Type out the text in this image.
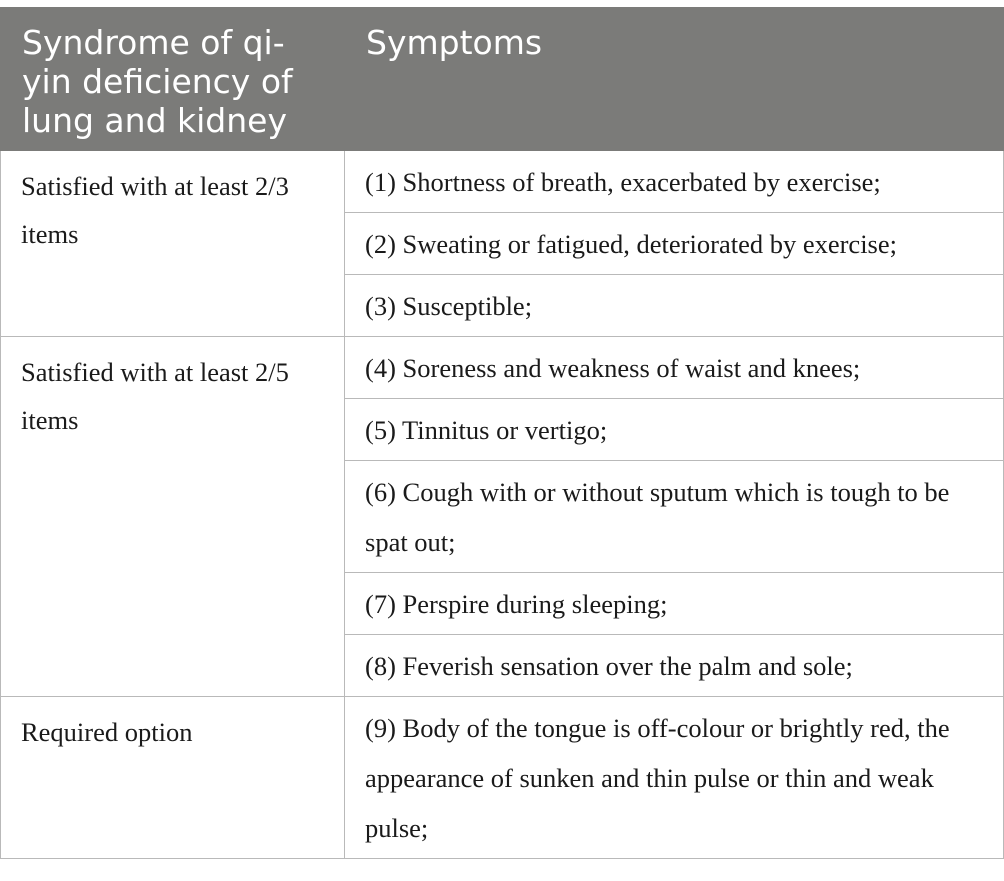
Syndrome of qi-yin deficiency of lung and kidney	Symptoms
Satisfied with at least 2/3 items	(1) Shortness of breath, exacerbated by exercise;
	(2) Sweating or fatigued, deteriorated by exercise;
	(3) Susceptible;
Satisfied with at least 2/5 items	(4) Soreness and weakness of waist and knees;
	(5) Tinnitus or vertigo;
	(6) Cough with or without sputum which is tough to be spat out;
	(7) Perspire during sleeping;
	(8) Feverish sensation over the palm and sole;
Required option	(9) Body of the tongue is off-colour or brightly red, the appearance of sunken and thin pulse or thin and weak pulse;
